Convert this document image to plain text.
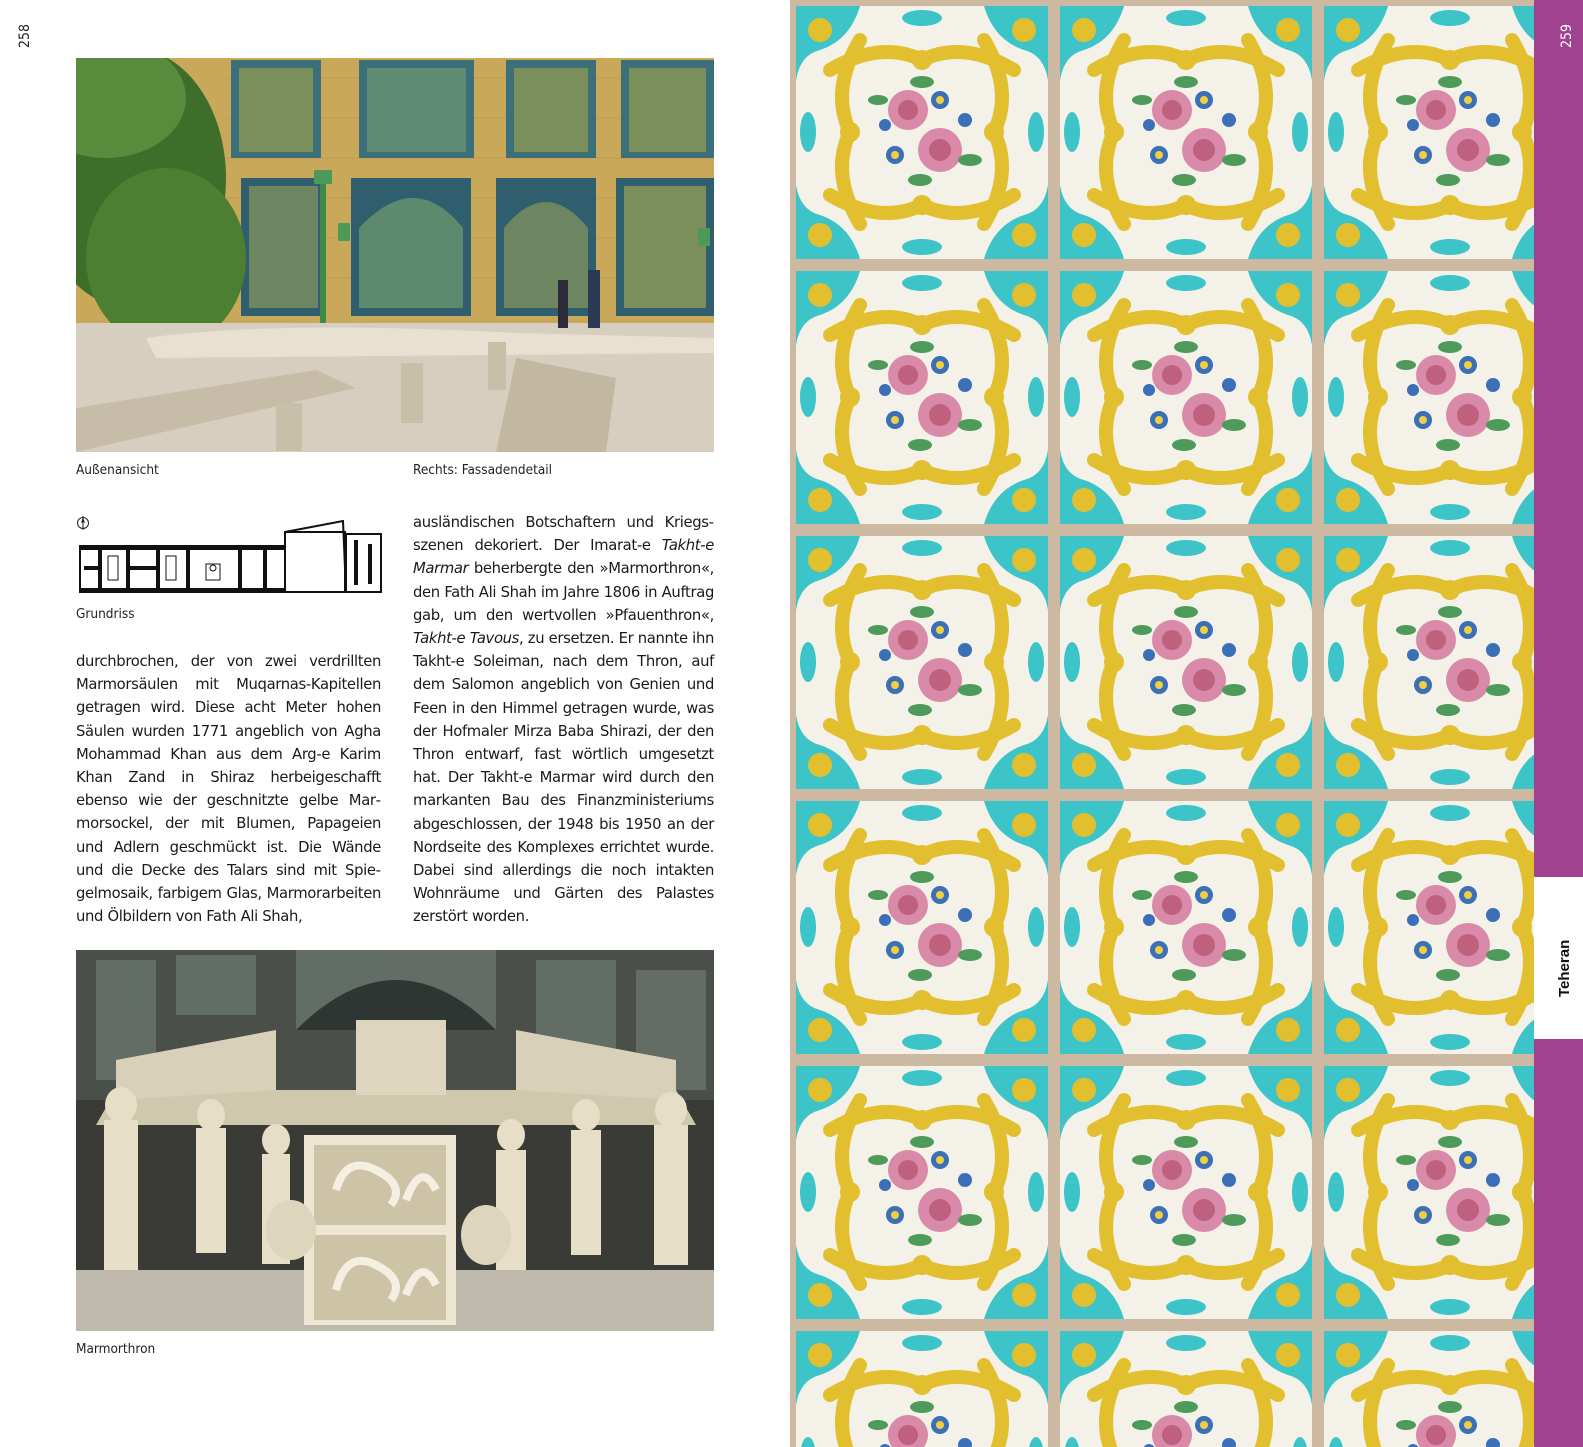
258
Außenansicht	Rechts: Fassadendetail
Grundriss
durchbrochen, der von zwei verdrillten Marmorsäulen mit Muqarnas-Kapitellen getragen wird. Diese acht Meter hohen Säulen wurden 1771 angeblich von Agha Mohammad Khan aus dem Arg-e Karim Khan Zand in Shiraz herbeigeschafft ebenso wie der geschnitzte gelbe Marmorsockel, der mit Blumen, Papageien und Adlern geschmückt ist. Die Wände und die Decke des Talars sind mit Spiegelmosaik, farbigem Glas, Marmorarbeiten und Ölbildern von Fath Ali Shah,
ausländischen Botschaftern und Kriegsszenen dekoriert. Der Imarat-e Takht-e Marmar beherbergte den »Marmorthron«, den Fath Ali Shah im Jahre 1806 in Auftrag gab, um den wertvollen »Pfauenthron«, Takht-e Tavous, zu ersetzen. Er nannte ihn Takht-e Soleiman, nach dem Thron, auf dem Salomon angeblich von Genien und Feen in den Himmel getragen wurde, was der Hofmaler Mirza Baba Shirazi, der den Thron entwarf, fast wörtlich umgesetzt hat. Der Takht-e Marmar wird durch den markanten Bau des Finanzministeriums abgeschlossen, der 1948 bis 1950 an der Nordseite des Komplexes errichtet wurde. Dabei sind allerdings die noch intakten Wohnräume und Gärten des Palastes zerstört worden.
Marmorthron
259
Teheran
